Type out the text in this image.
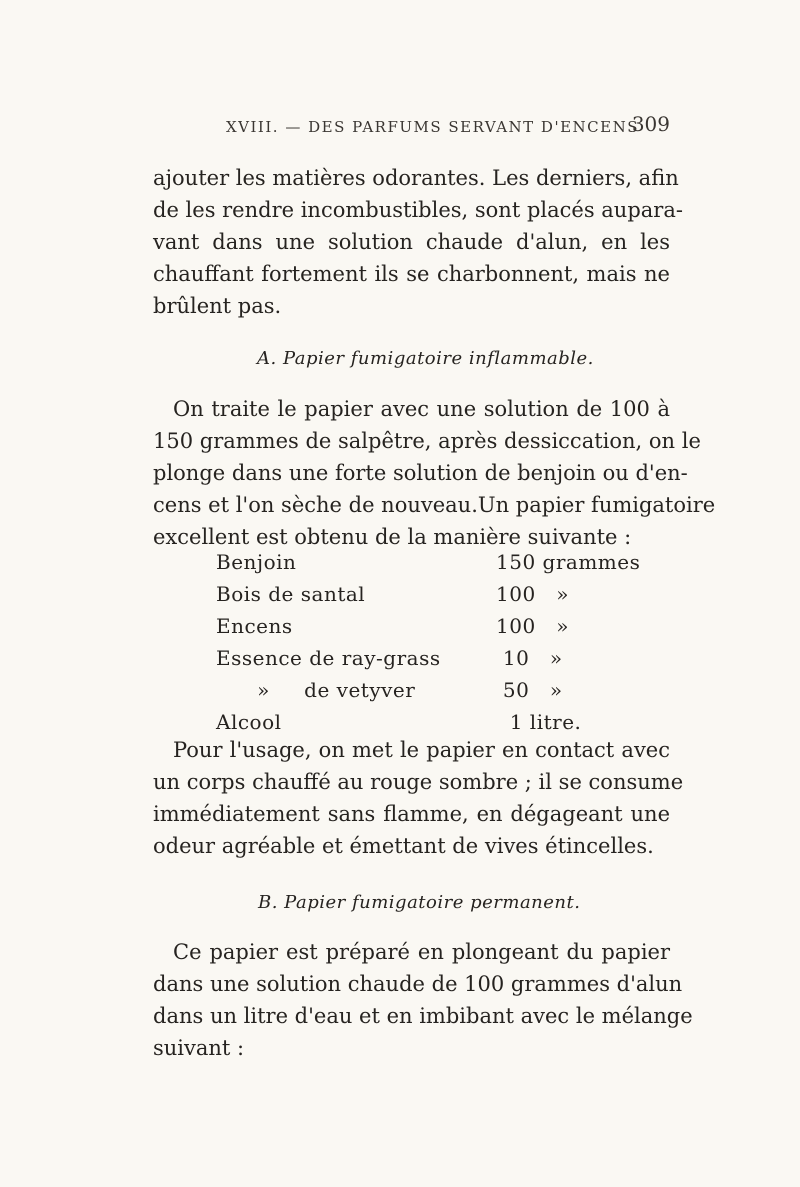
XVIII. — DES PARFUMS SERVANT D'ENCENS
309
ajouter les matières odorantes. Les derniers, afin
de les rendre incombustibles, sont placés aupara-
vant dans une solution chaude d'alun, en les
chauffant fortement ils se charbonnent, mais ne
brûlent pas.
A. Papier fumigatoire inflammable.
On traite le papier avec une solution de 100 à
150 grammes de salpêtre, après dessiccation, on le
plonge dans une forte solution de benjoin ou d'en-
cens et l'on sèche de nouveau.Un papier fumigatoire
excellent est obtenu de la manière suivante :
Benjoin	150 grammes
Bois de santal	100   »
Encens	100   »
Essence de ray-grass	10   »
»     de vetyver	50   »
Alcool	1 litre.
Pour l'usage, on met le papier en contact avec
un corps chauffé au rouge sombre ; il se consume
immédiatement sans flamme, en dégageant une
odeur agréable et émettant de vives étincelles.
B. Papier fumigatoire permanent.
Ce papier est préparé en plongeant du papier
dans une solution chaude de 100 grammes d'alun
dans un litre d'eau et en imbibant avec le mélange
suivant :
